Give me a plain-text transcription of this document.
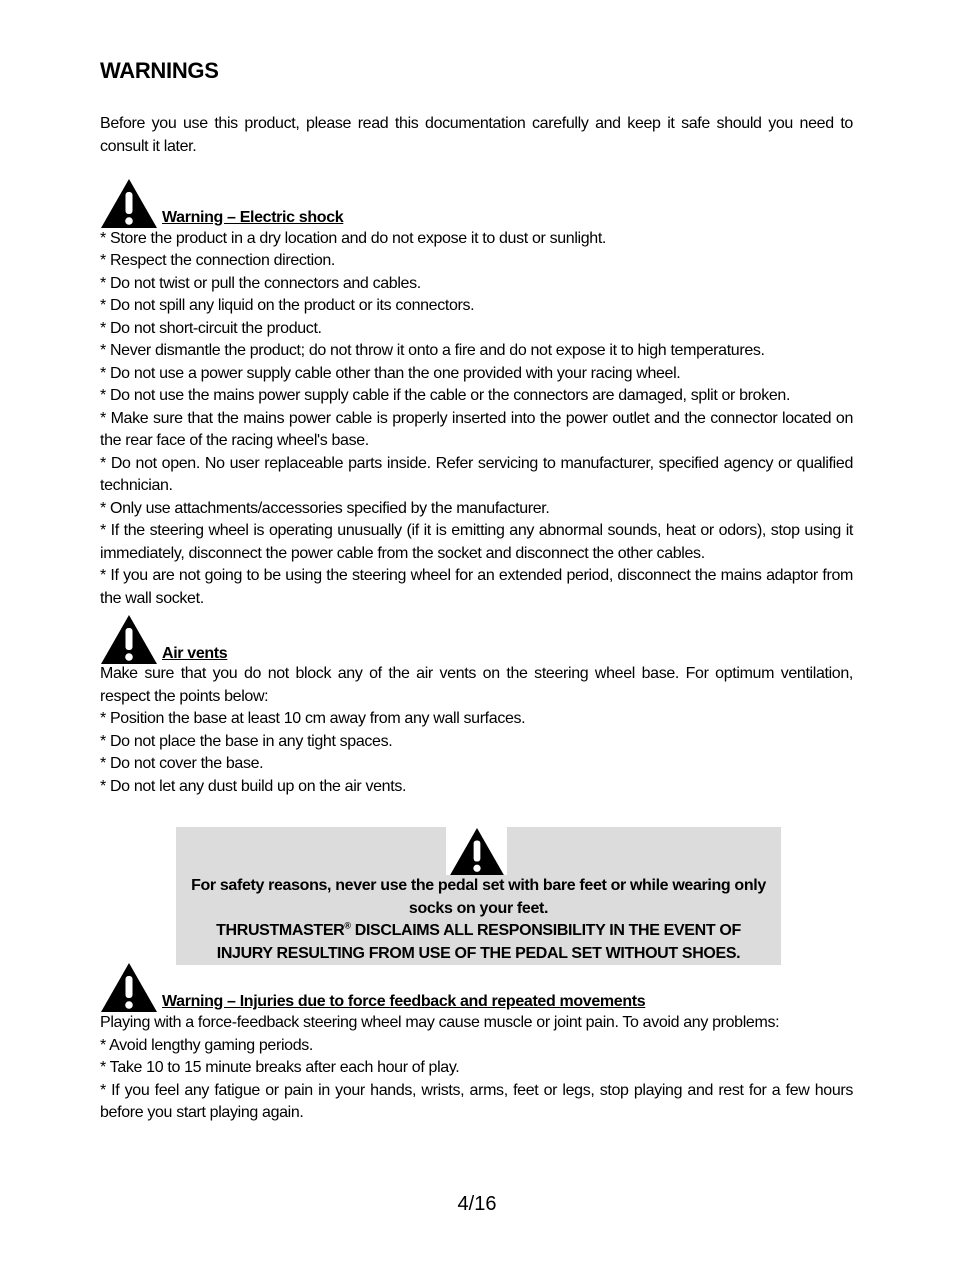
WARNINGS

Before you use this product, please read this documentation carefully and keep it safe should you need to consult it later.

Warning – Electric shock
* Store the product in a dry location and do not expose it to dust or sunlight.
* Respect the connection direction.
* Do not twist or pull the connectors and cables.
* Do not spill any liquid on the product or its connectors.
* Do not short-circuit the product.
* Never dismantle the product; do not throw it onto a fire and do not expose it to high temperatures.
* Do not use a power supply cable other than the one provided with your racing wheel.
* Do not use the mains power supply cable if the cable or the connectors are damaged, split or broken.
* Make sure that the mains power cable is properly inserted into the power outlet and the connector located on the rear face of the racing wheel's base.
* Do not open. No user replaceable parts inside. Refer servicing to manufacturer, specified agency or qualified technician.
* Only use attachments/accessories specified by the manufacturer.
* If the steering wheel is operating unusually (if it is emitting any abnormal sounds, heat or odors), stop using it immediately, disconnect the power cable from the socket and disconnect the other cables.
* If you are not going to be using the steering wheel for an extended period, disconnect the mains adaptor from the wall socket.
Air vents

Make sure that you do not block any of the air vents on the steering wheel base. For optimum ventilation, respect the points below:

* Position the base at least 10 cm away from any wall surfaces.
* Do not place the base in any tight spaces.
* Do not cover the base.
* Do not let any dust build up on the air vents.

For safety reasons, never use the pedal set with bare feet or while wearing only socks on your feet.

THRUSTMASTER® DISCLAIMS ALL RESPONSIBILITY IN THE EVENT OF INJURY RESULTING FROM USE OF THE PEDAL SET WITHOUT SHOES.

Warning – Injuries due to force feedback and repeated movements

Playing with a force-feedback steering wheel may cause muscle or joint pain. To avoid any problems:

* Avoid lengthy gaming periods.
* Take 10 to 15 minute breaks after each hour of play.
* If you feel any fatigue or pain in your hands, wrists, arms, feet or legs, stop playing and rest for a few hours before you start playing again.
4/16
